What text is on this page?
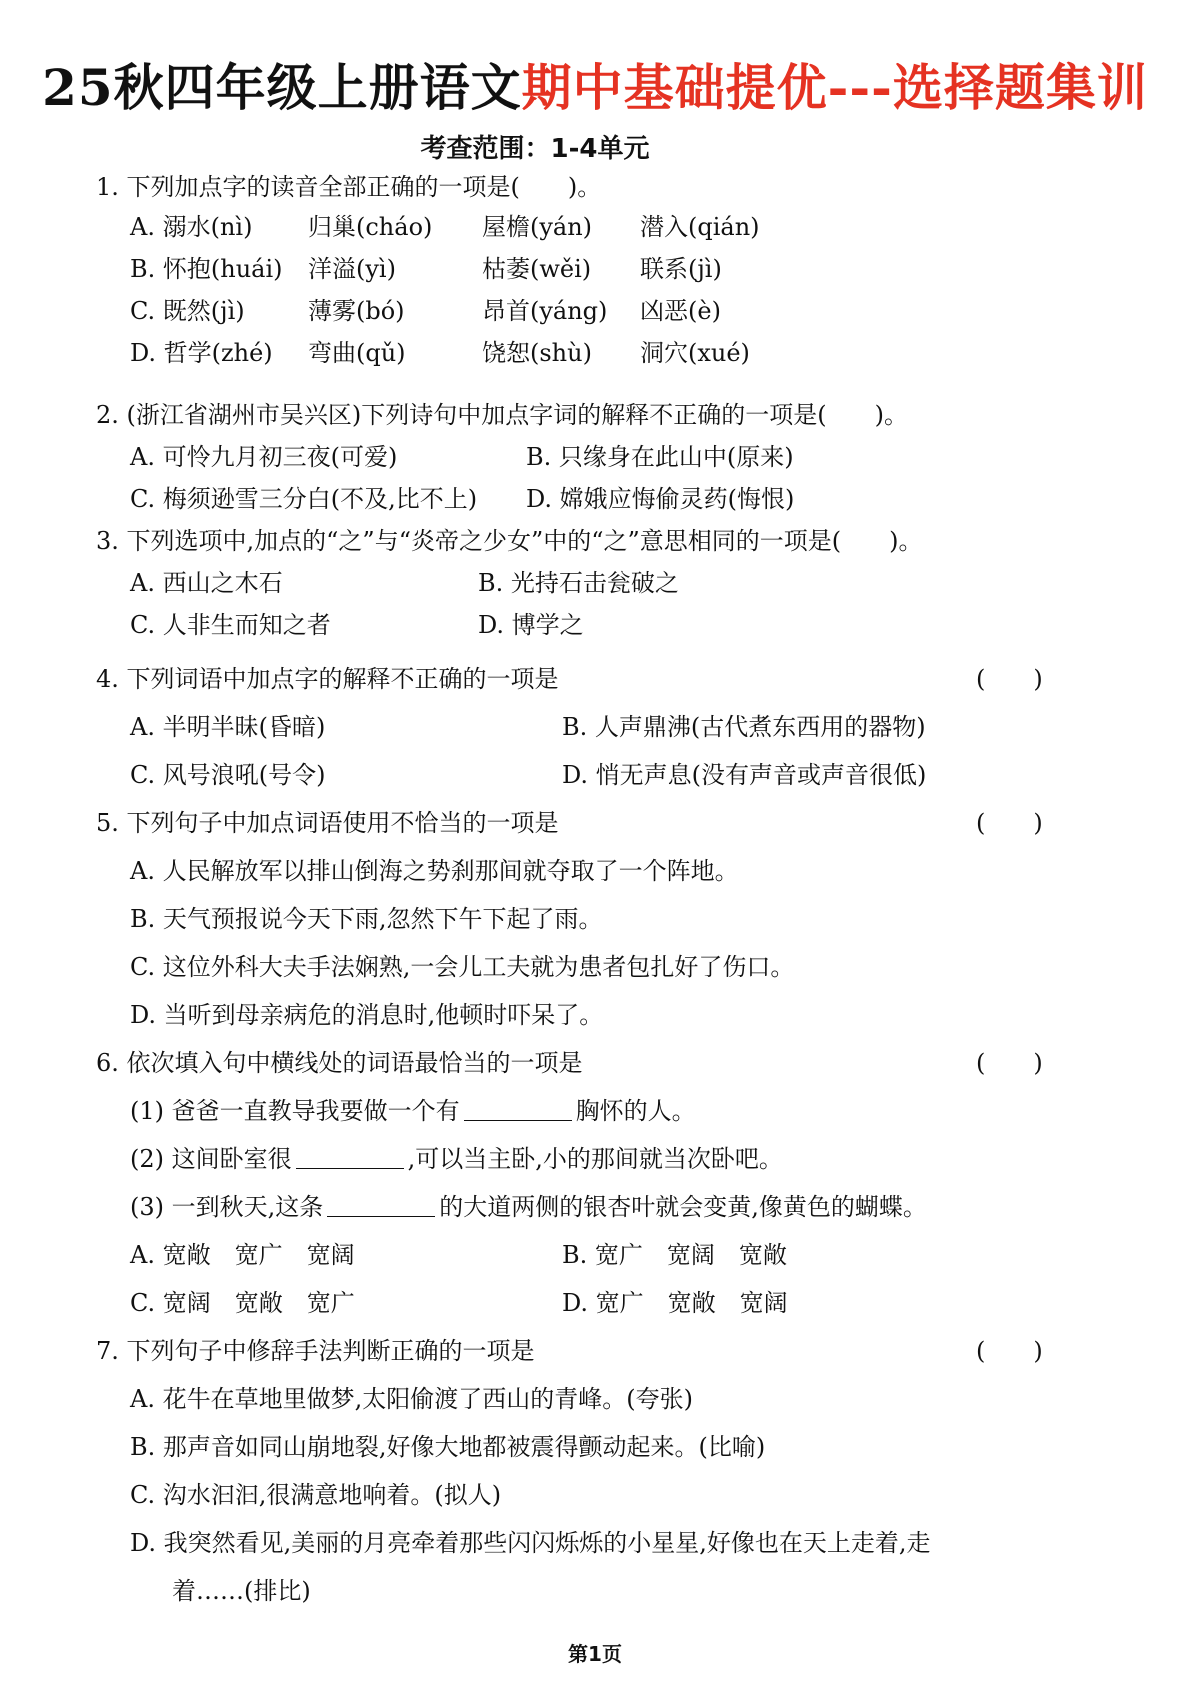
25秋四年级上册语文期中基础提优---选择题集训
考查范围：1-4单元
1. 下列加点字的读音全部正确的一项是(　　)。
A. 溺水(nì) 归巢(cháo) 屋檐(yán) 潜入(qián)
B. 怀抱(huái) 洋溢(yì)	枯萎(wěi) 联系(jì)
C. 既然(jì)	薄雾(bó)	昂首(yáng) 凶恶(è)
D. 哲学(zhé) 弯曲(qǔ)	饶恕(shù) 洞穴(xué)
2. (浙江省湖州市吴兴区)下列诗句中加点字词的解释不正确的一项是(　　)。
A. 可怜九月初三夜(可爱)	B. 只缘身在此山中(原来)
C. 梅须逊雪三分白(不及,比不上) D. 嫦娥应悔偷灵药(悔恨)
3. 下列选项中,加点的“之”与“炎帝之少女”中的“之”意思相同的一项是(　　)。
A. 西山之木石	B. 光持石击瓮破之
C. 人非生而知之者	D. 博学之
4. 下列词语中加点字的解释不正确的一项是	(　　)
A. 半明半昧(昏暗)	B. 人声鼎沸(古代煮东西用的器物)
C. 风号浪吼(号令)	D. 悄无声息(没有声音或声音很低)
5. 下列句子中加点词语使用不恰当的一项是	(　　)
A. 人民解放军以排山倒海之势刹那间就夺取了一个阵地。
B. 天气预报说今天下雨,忽然下午下起了雨。
C. 这位外科大夫手法娴熟,一会儿工夫就为患者包扎好了伤口。
D. 当听到母亲病危的消息时,他顿时吓呆了。
6. 依次填入句中横线处的词语最恰当的一项是	(　　)
(1) 爸爸一直教导我要做一个有	胸怀的人。
(2) 这间卧室很	,可以当主卧,小的那间就当次卧吧。
(3) 一到秋天,这条	的大道两侧的银杏叶就会变黄,像黄色的蝴蝶。
A. 宽敞　宽广　宽阔	B. 宽广　宽阔　宽敞
C. 宽阔　宽敞　宽广	D. 宽广　宽敞　宽阔
7. 下列句子中修辞手法判断正确的一项是	(　　)
A. 花牛在草地里做梦,太阳偷渡了西山的青峰。(夸张)
B. 那声音如同山崩地裂,好像大地都被震得颤动起来。(比喻)
C. 沟水汩汩,很满意地响着。(拟人)
D. 我突然看见,美丽的月亮牵着那些闪闪烁烁的小星星,好像也在天上走着,走
着……(排比)
第1页
